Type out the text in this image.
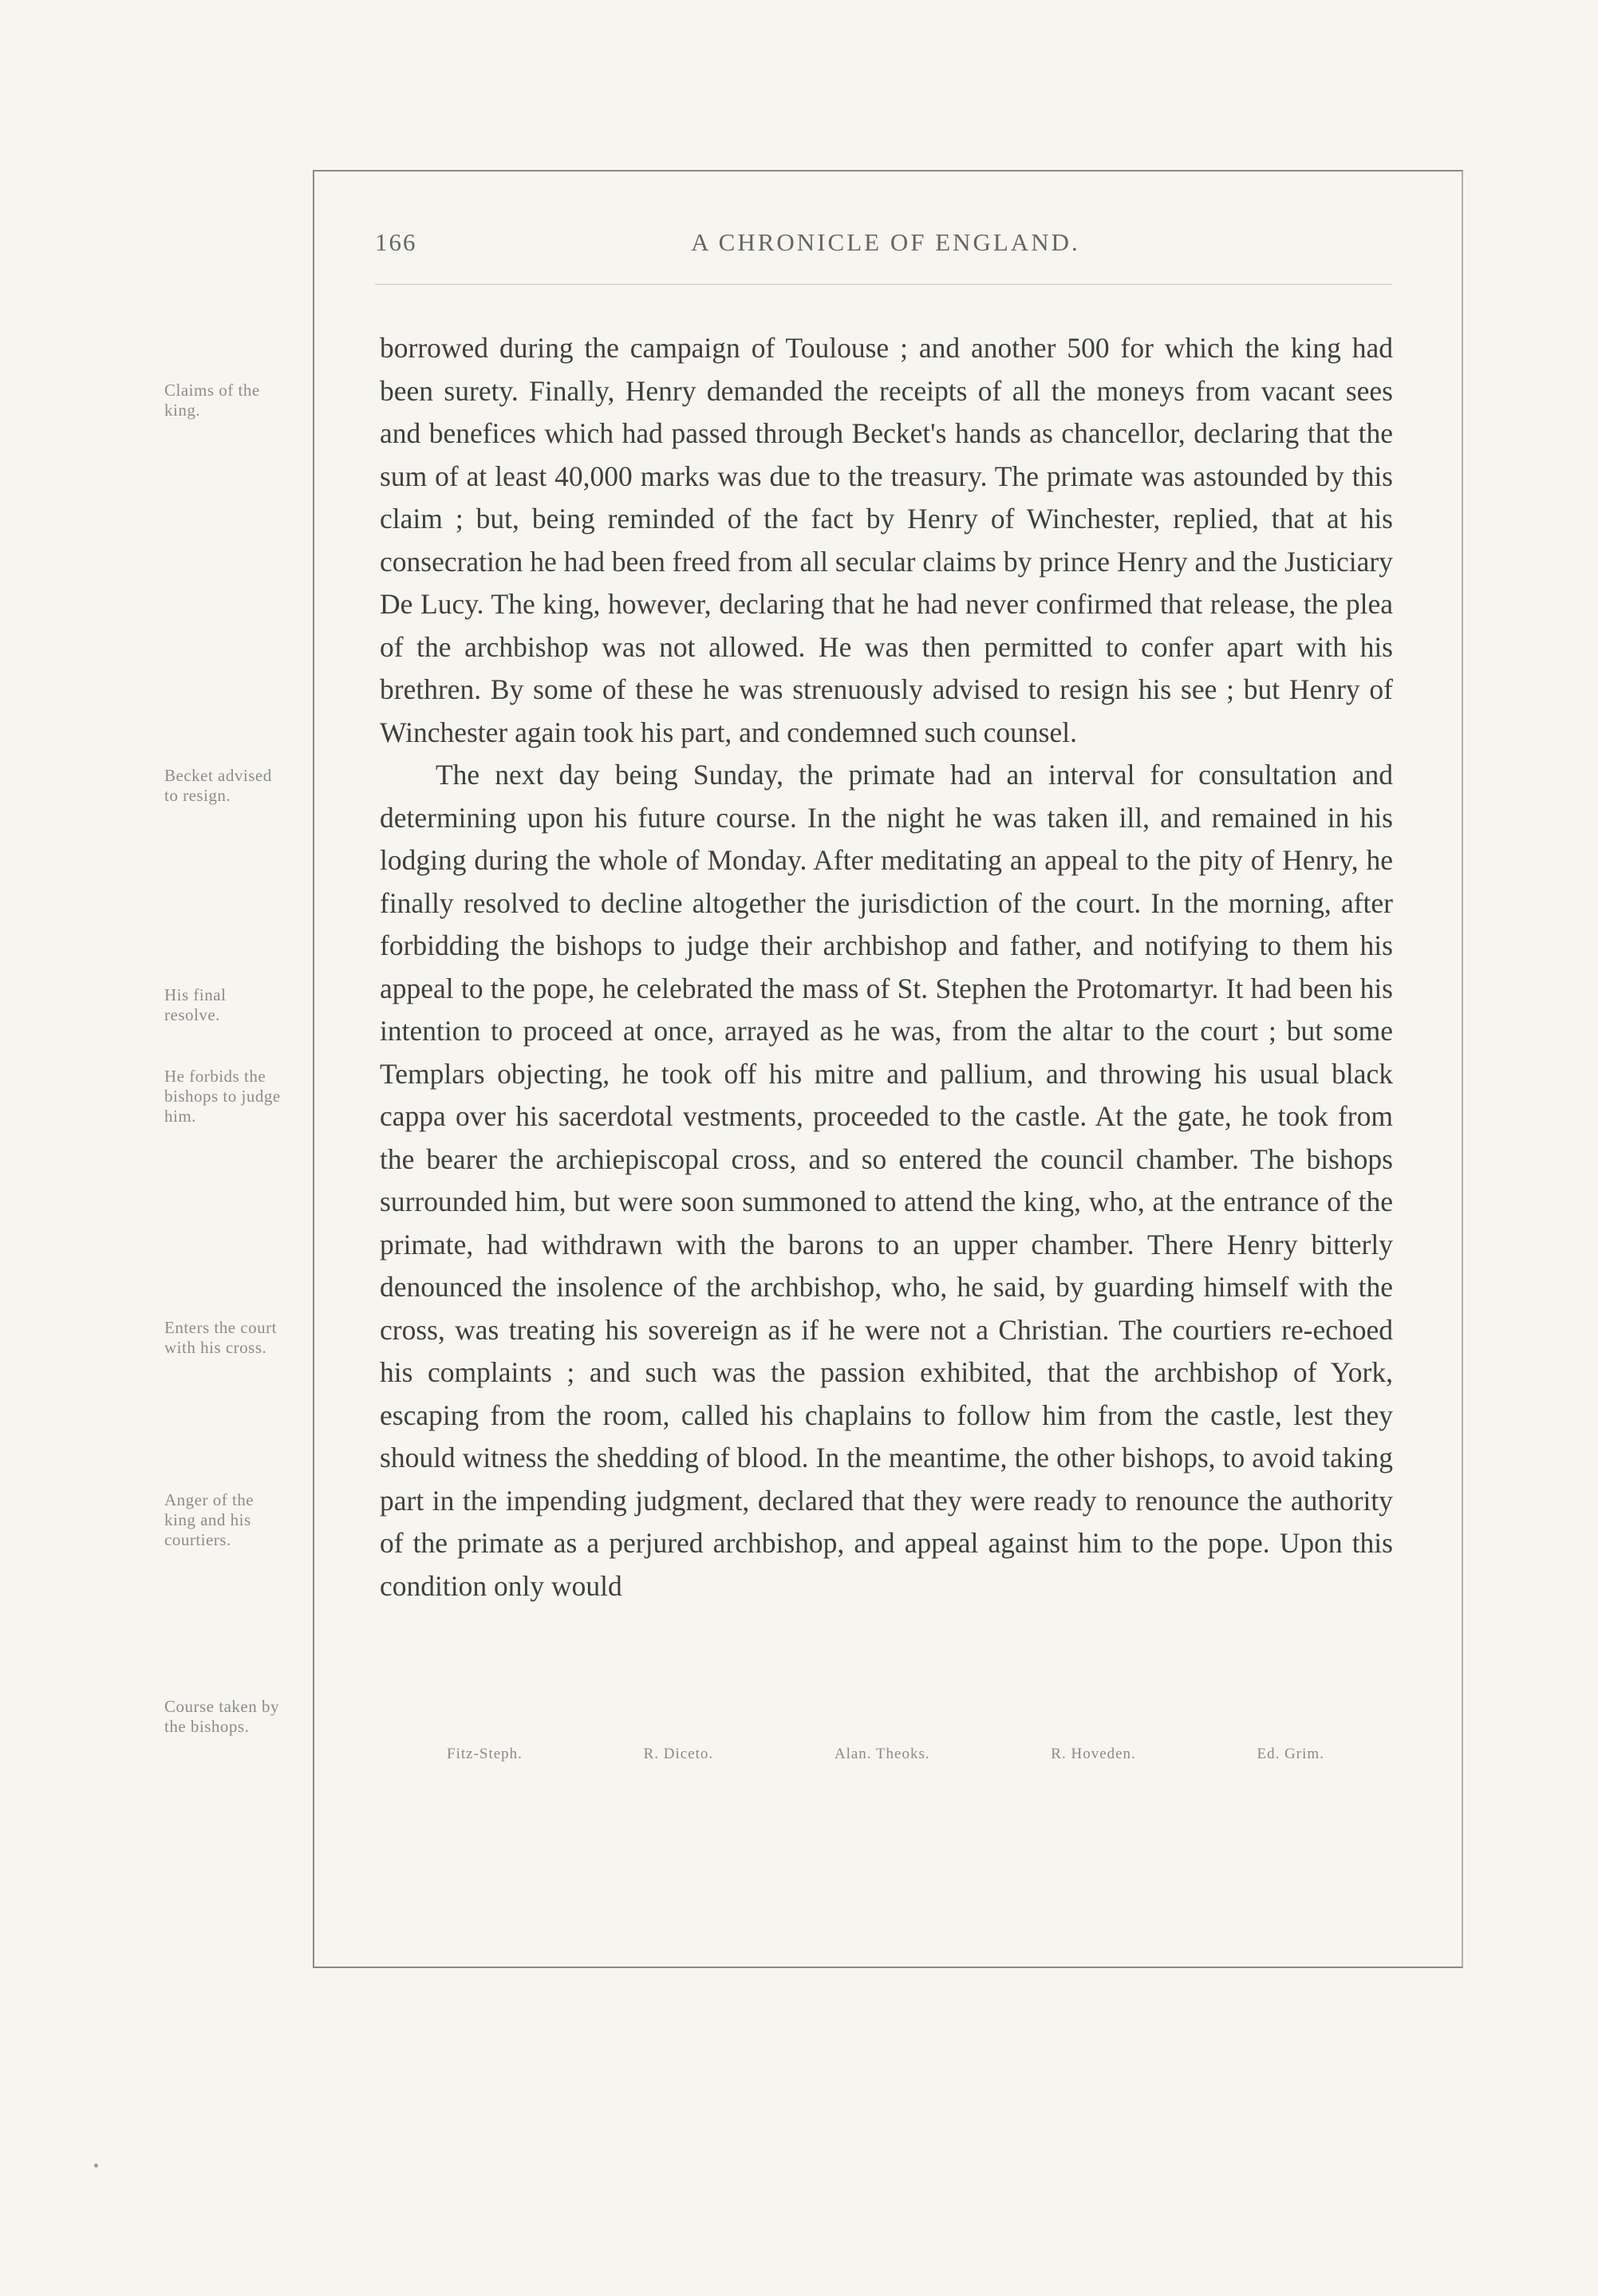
166	A CHRONICLE OF ENGLAND.
Claims of the king.
Becket advised to resign.
His final resolve.
He forbids the bishops to judge him.
Enters the court with his cross.
Anger of the king and his courtiers.
Course taken by the bishops.

borrowed during the campaign of Toulouse ; and another 500 for which the king had been surety. Finally, Henry demanded the receipts of all the moneys from vacant sees and benefices which had passed through Becket's hands as chancellor, declaring that the sum of at least 40,000 marks was due to the treasury. The primate was astounded by this claim ; but, being reminded of the fact by Henry of Winchester, replied, that at his consecration he had been freed from all secular claims by prince Henry and the Justiciary De Lucy. The king, however, declaring that he had never confirmed that release, the plea of the archbishop was not allowed. He was then permitted to confer apart with his brethren. By some of these he was strenuously advised to resign his see ; but Henry of Winchester again took his part, and condemned such counsel.

The next day being Sunday, the primate had an interval for consultation and determining upon his future course. In the night he was taken ill, and remained in his lodging during the whole of Monday. After meditating an appeal to the pity of Henry, he finally resolved to decline altogether the jurisdiction of the court. In the morning, after forbidding the bishops to judge their archbishop and father, and notifying to them his appeal to the pope, he celebrated the mass of St. Stephen the Protomartyr. It had been his intention to proceed at once, arrayed as he was, from the altar to the court ; but some Templars objecting, he took off his mitre and pallium, and throwing his usual black cappa over his sacerdotal vestments, proceeded to the castle. At the gate, he took from the bearer the archiepiscopal cross, and so entered the council chamber. The bishops surrounded him, but were soon summoned to attend the king, who, at the entrance of the primate, had withdrawn with the barons to an upper chamber. There Henry bitterly denounced the insolence of the archbishop, who, he said, by guarding himself with the cross, was treating his sovereign as if he were not a Christian. The courtiers re-echoed his complaints ; and such was the passion exhibited, that the archbishop of York, escaping from the room, called his chaplains to follow him from the castle, lest they should witness the shedding of blood. In the meantime, the other bishops, to avoid taking part in the impending judgment, declared that they were ready to renounce the authority of the primate as a perjured archbishop, and appeal against him to the pope. Upon this condition only would

Fitz-Steph.	R. Diceto.	Alan. Theoks.	R. Hoveden.	Ed. Grim.
